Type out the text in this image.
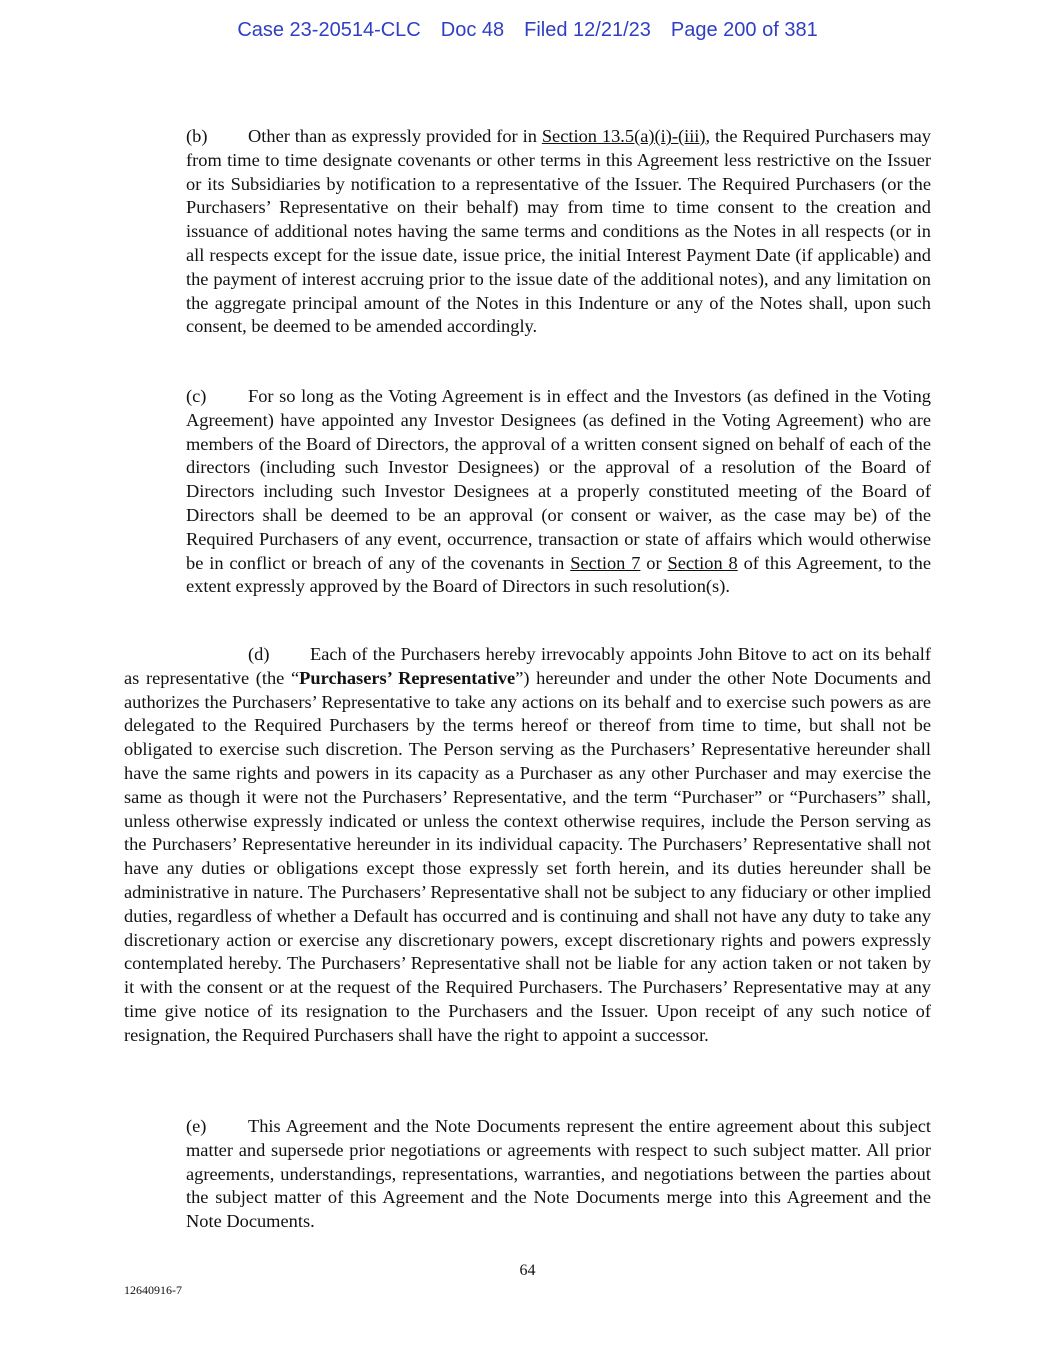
Case 23-20514-CLC Doc 48 Filed 12/21/23 Page 200 of 381

(b) Other than as expressly provided for in Section 13.5(a)(i)-(iii), the Required Purchasers may from time to time designate covenants or other terms in this Agreement less restrictive on the Issuer or its Subsidiaries by notification to a representative of the Issuer. The Required Purchasers (or the Purchasers’ Representative on their behalf) may from time to time consent to the creation and issuance of additional notes having the same terms and conditions as the Notes in all respects (or in all respects except for the issue date, issue price, the initial Interest Payment Date (if applicable) and the payment of interest accruing prior to the issue date of the additional notes), and any limitation on the aggregate principal amount of the Notes in this Indenture or any of the Notes shall, upon such consent, be deemed to be amended accordingly.

(c) For so long as the Voting Agreement is in effect and the Investors (as defined in the Voting Agreement) have appointed any Investor Designees (as defined in the Voting Agreement) who are members of the Board of Directors, the approval of a written consent signed on behalf of each of the directors (including such Investor Designees) or the approval of a resolution of the Board of Directors including such Investor Designees at a properly constituted meeting of the Board of Directors shall be deemed to be an approval (or consent or waiver, as the case may be) of the Required Purchasers of any event, occurrence, transaction or state of affairs which would otherwise be in conflict or breach of any of the covenants in Section 7 or Section 8 of this Agreement, to the extent expressly approved by the Board of Directors in such resolution(s).

(d) Each of the Purchasers hereby irrevocably appoints John Bitove to act on its behalf as representative (the “Purchasers’ Representative”) hereunder and under the other Note Documents and authorizes the Purchasers’ Representative to take any actions on its behalf and to exercise such powers as are delegated to the Required Purchasers by the terms hereof or thereof from time to time, but shall not be obligated to exercise such discretion. The Person serving as the Purchasers’ Representative hereunder shall have the same rights and powers in its capacity as a Purchaser as any other Purchaser and may exercise the same as though it were not the Purchasers’ Representative, and the term “Purchaser” or “Purchasers” shall, unless otherwise expressly indicated or unless the context otherwise requires, include the Person serving as the Purchasers’ Representative hereunder in its individual capacity. The Purchasers’ Representative shall not have any duties or obligations except those expressly set forth herein, and its duties hereunder shall be administrative in nature. The Purchasers’ Representative shall not be subject to any fiduciary or other implied duties, regardless of whether a Default has occurred and is continuing and shall not have any duty to take any discretionary action or exercise any discretionary powers, except discretionary rights and powers expressly contemplated hereby. The Purchasers’ Representative shall not be liable for any action taken or not taken by it with the consent or at the request of the Required Purchasers. The Purchasers’ Representative may at any time give notice of its resignation to the Purchasers and the Issuer. Upon receipt of any such notice of resignation, the Required Purchasers shall have the right to appoint a successor.

(e) This Agreement and the Note Documents represent the entire agreement about this subject matter and supersede prior negotiations or agreements with respect to such subject matter. All prior agreements, understandings, representations, warranties, and negotiations between the parties about the subject matter of this Agreement and the Note Documents merge into this Agreement and the Note Documents.

64
12640916-7
